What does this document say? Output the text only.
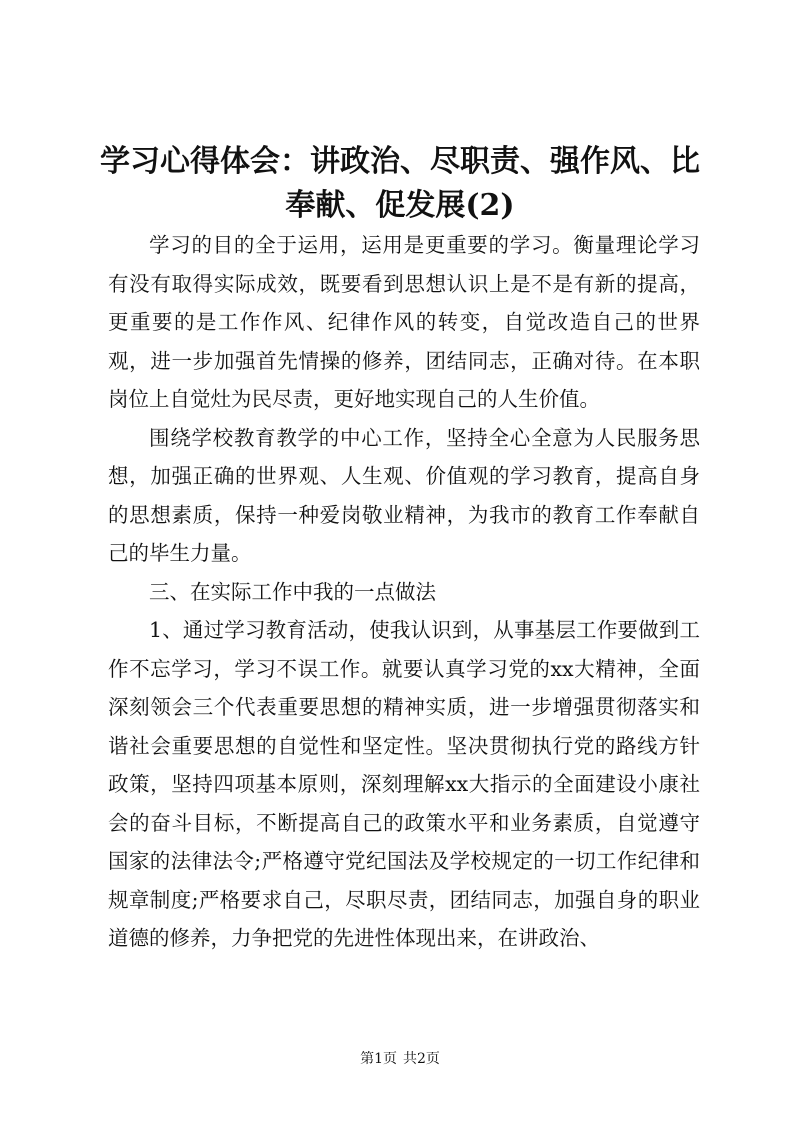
学习心得体会：讲政治、尽职责、强作风、比奉献、促发展(2)

学习的目的全于运用，运用是更重要的学习。衡量理论学习有没有取得实际成效，既要看到思想认识上是不是有新的提高，更重要的是工作作风、纪律作风的转变，自觉改造自己的世界观，进一步加强首先情操的修养，团结同志，正确对待。在本职岗位上自觉灶为民尽责，更好地实现自己的人生价值。

围绕学校教育教学的中心工作，坚持全心全意为人民服务思想，加强正确的世界观、人生观、价值观的学习教育，提高自身的思想素质，保持一种爱岗敬业精神，为我市的教育工作奉献自己的毕生力量。

三、在实际工作中我的一点做法

1、通过学习教育活动，使我认识到，从事基层工作要做到工作不忘学习，学习不误工作。就要认真学习党的xx大精神，全面深刻领会三个代表重要思想的精神实质，进一步增强贯彻落实和谐社会重要思想的自觉性和坚定性。坚决贯彻执行党的路线方针政策，坚持四项基本原则，深刻理解xx大指示的全面建设小康社会的奋斗目标，不断提高自己的政策水平和业务素质，自觉遵守国家的法律法令;严格遵守党纪国法及学校规定的一切工作纪律和规章制度;严格要求自己，尽职尽责，团结同志，加强自身的职业道德的修养，力争把党的先进性体现出来，在讲政治、

第1页 共2页
